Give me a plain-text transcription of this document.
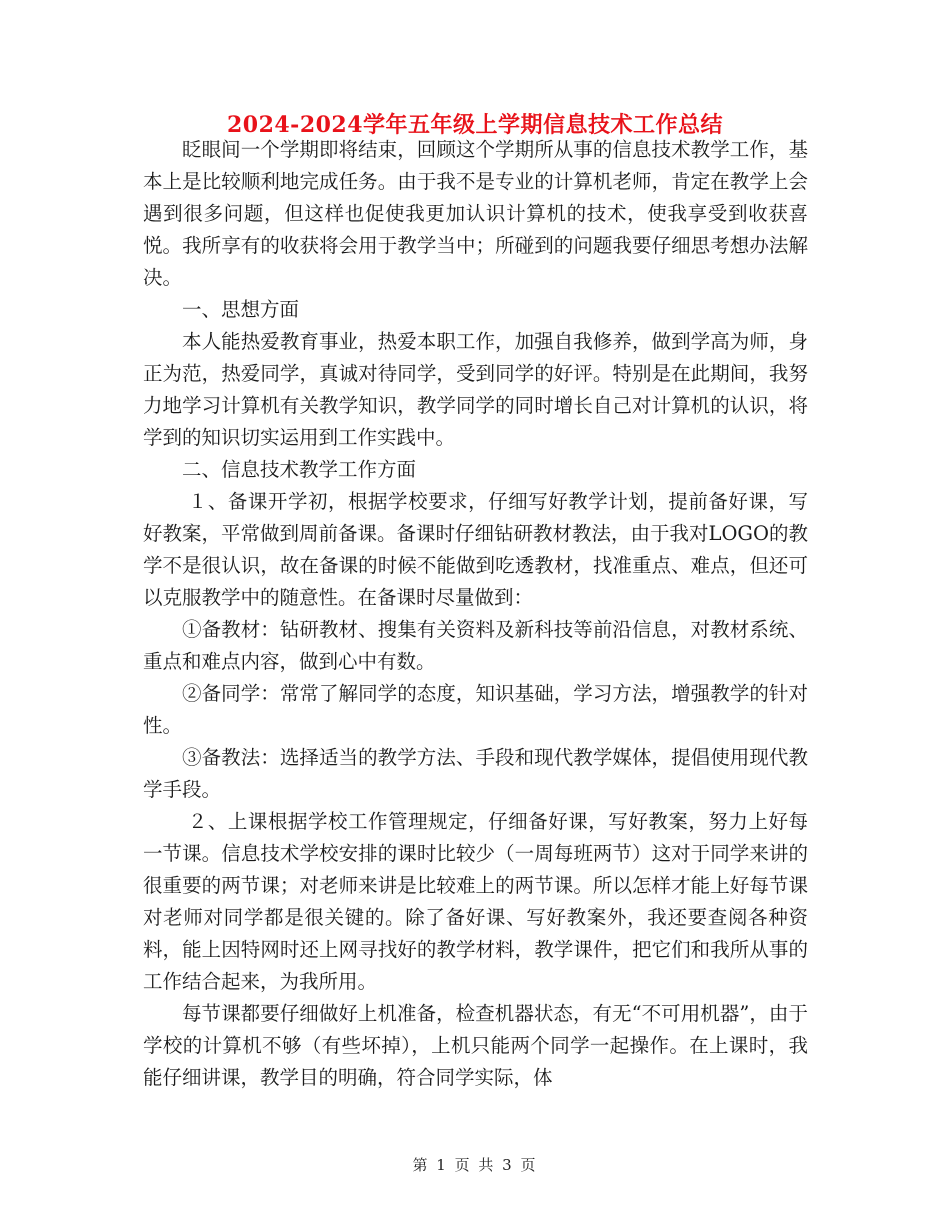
2024-2024学年五年级上学期信息技术工作总结

眨眼间一个学期即将结束，回顾这个学期所从事的信息技术教学工作，基本上是比较顺利地完成任务。由于我不是专业的计算机老师，肯定在教学上会遇到很多问题，但这样也促使我更加认识计算机的技术，使我享受到收获喜悦。我所享有的收获将会用于教学当中；所碰到的问题我要仔细思考想办法解决。

一、思想方面

本人能热爱教育事业，热爱本职工作，加强自我修养，做到学高为师，身正为范，热爱同学，真诚对待同学，受到同学的好评。特别是在此期间，我努力地学习计算机有关教学知识，教学同学的同时增长自己对计算机的认识，将学到的知识切实运用到工作实践中。

二、信息技术教学工作方面

１、备课开学初，根据学校要求，仔细写好教学计划，提前备好课，写好教案，平常做到周前备课。备课时仔细钻研教材教法，由于我对LOGO的教学不是很认识，故在备课的时候不能做到吃透教材，找准重点、难点，但还可以克服教学中的随意性。在备课时尽量做到：

①备教材：钻研教材、搜集有关资料及新科技等前沿信息，对教材系统、重点和难点内容，做到心中有数。

②备同学：常常了解同学的态度，知识基础，学习方法，增强教学的针对性。

③备教法：选择适当的教学方法、手段和现代教学媒体，提倡使用现代教学手段。

２、上课根据学校工作管理规定，仔细备好课，写好教案，努力上好每一节课。信息技术学校安排的课时比较少（一周每班两节）这对于同学来讲的很重要的两节课；对老师来讲是比较难上的两节课。所以怎样才能上好每节课对老师对同学都是很关键的。除了备好课、写好教案外，我还要查阅各种资料，能上因特网时还上网寻找好的教学材料，教学课件，把它们和我所从事的工作结合起来，为我所用。

每节课都要仔细做好上机准备，检查机器状态，有无“不可用机器”，由于学校的计算机不够（有些坏掉），上机只能两个同学一起操作。在上课时，我能仔细讲课，教学目的明确，符合同学实际，体

第 1 页 共 3 页
